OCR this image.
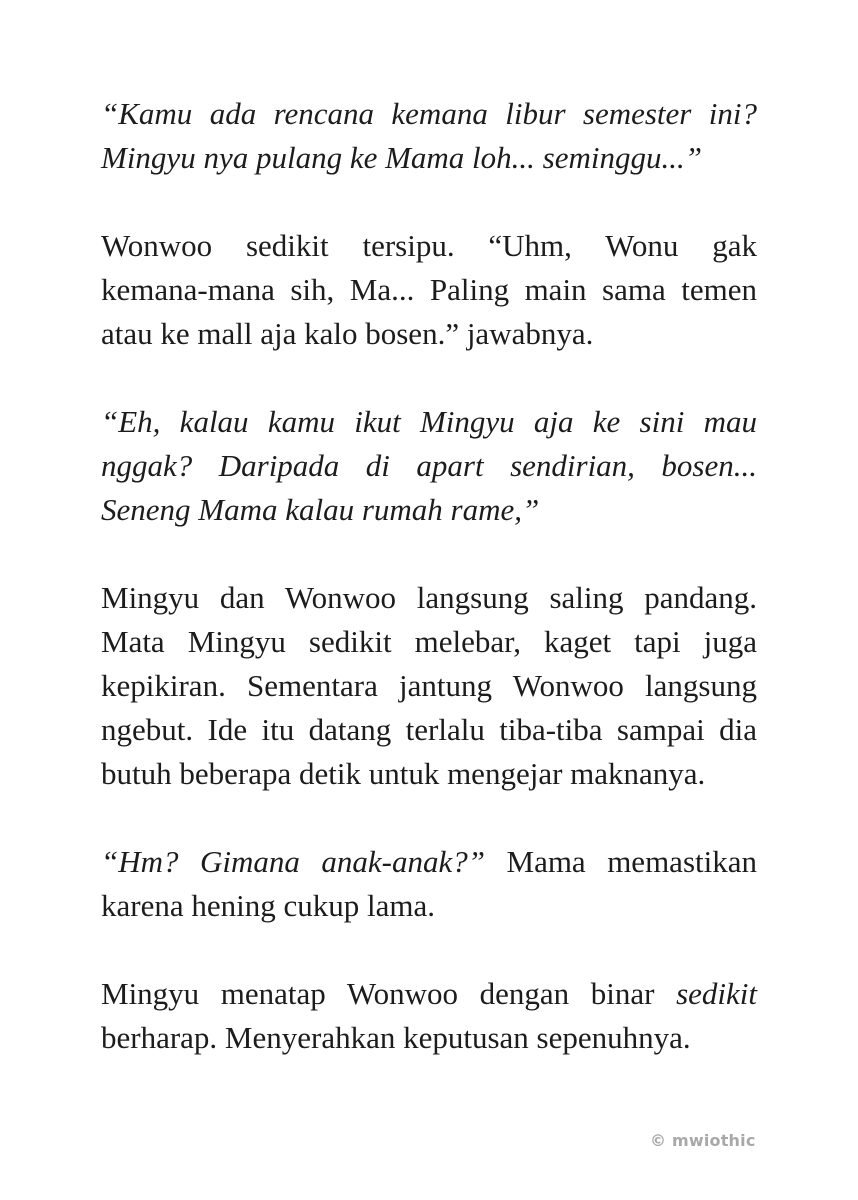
“Kamu ada rencana kemana libur semester ini?
Mingyu nya pulang ke Mama loh... seminggu...”

Wonwoo sedikit tersipu. “Uhm, Wonu gak
kemana-mana sih, Ma... Paling main sama temen
atau ke mall aja kalo bosen.” jawabnya.

“Eh, kalau kamu ikut Mingyu aja ke sini mau
nggak? Daripada di apart sendirian, bosen...
Seneng Mama kalau rumah rame,”

Mingyu dan Wonwoo langsung saling pandang.
Mata Mingyu sedikit melebar, kaget tapi juga
kepikiran. Sementara jantung Wonwoo langsung
ngebut. Ide itu datang terlalu tiba-tiba sampai dia
butuh beberapa detik untuk mengejar maknanya.

“Hm? Gimana anak-anak?” Mama memastikan
karena hening cukup lama.

Mingyu menatap Wonwoo dengan binar sedikit
berharap. Menyerahkan keputusan sepenuhnya.

© mwiothic
